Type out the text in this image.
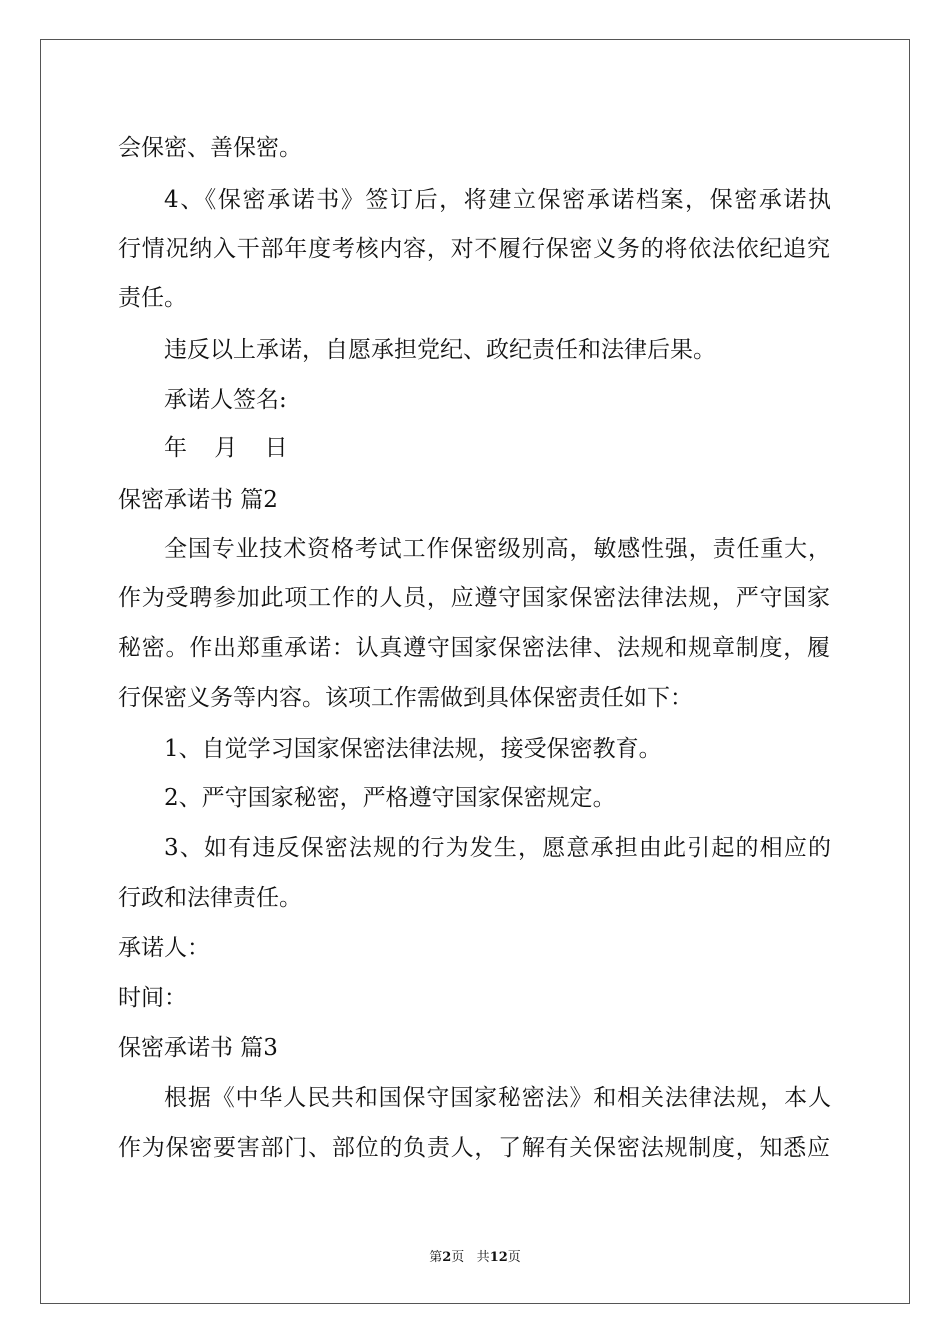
会保密、善保密。
4、《保密承诺书》签订后，将建立保密承诺档案，保密承诺执
行情况纳入干部年度考核内容，对不履行保密义务的将依法依纪追究
责任。
违反以上承诺，自愿承担党纪、政纪责任和法律后果。
承诺人签名:
年 月 日
保密承诺书 篇2
全国专业技术资格考试工作保密级别高，敏感性强，责任重大，
作为受聘参加此项工作的人员，应遵守国家保密法律法规，严守国家
秘密。作出郑重承诺：认真遵守国家保密法律、法规和规章制度，履
行保密义务等内容。该项工作需做到具体保密责任如下：
1、自觉学习国家保密法律法规，接受保密教育。
2、严守国家秘密，严格遵守国家保密规定。
3、如有违反保密法规的行为发生，愿意承担由此引起的相应的
行政和法律责任。
承诺人：
时间：
保密承诺书 篇3
根据《中华人民共和国保守国家秘密法》和相关法律法规，本人
作为保密要害部门、部位的负责人，了解有关保密法规制度，知悉应
第2页 共12页
